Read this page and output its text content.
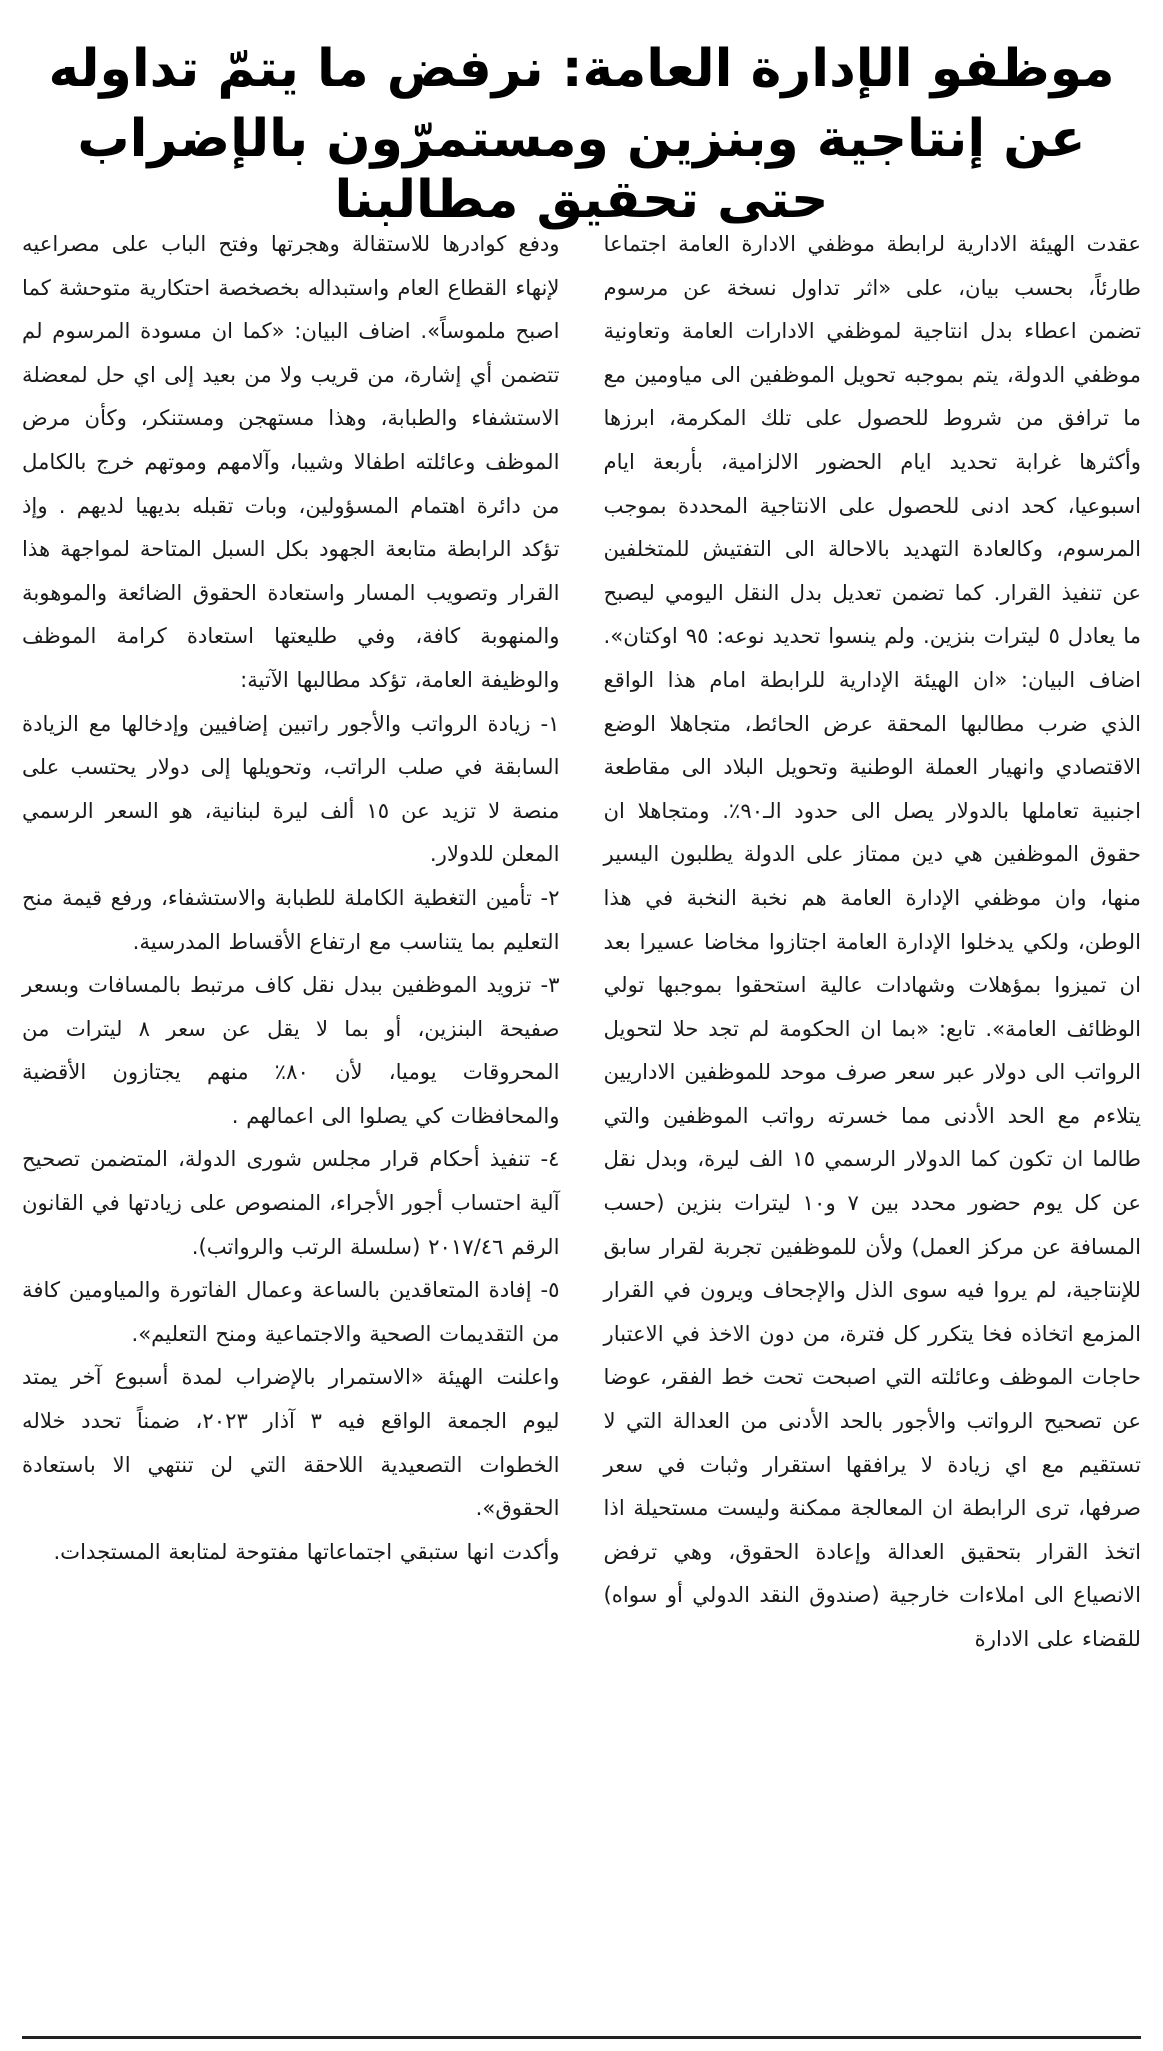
موظفو الإدارة العامة: نرفض ما يتمّ تداوله
عن إنتاجية وبنزين ومستمرّون بالإضراب حتى تحقيق مطالبنا

عقدت الهيئة الادارية لرابطة موظفي الادارة العامة اجتماعا طارئاً، بحسب بيان، على «اثر تداول نسخة عن مرسوم تضمن اعطاء بدل انتاجية لموظفي الادارات العامة وتعاونية موظفي الدولة، يتم بموجبه تحويل الموظفين الى مياومين مع ما ترافق من شروط للحصول على تلك المكرمة، ابرزها وأكثرها غرابة تحديد ايام الحضور الالزامية، بأربعة ايام اسبوعيا، كحد ادنى للحصول على الانتاجية المحددة بموجب المرسوم، وكالعادة التهديد بالاحالة الى التفتيش للمتخلفين عن تنفيذ القرار. كما تضمن تعديل بدل النقل اليومي ليصبح ما يعادل ٥ ليترات بنزين. ولم ينسوا تحديد نوعه: ٩٥ اوكتان». اضاف البيان: «ان الهيئة الإدارية للرابطة امام هذا الواقع الذي ضرب مطالبها المحقة عرض الحائط، متجاهلا الوضع الاقتصادي وانهيار العملة الوطنية وتحويل البلاد الى مقاطعة اجنبية تعاملها بالدولار يصل الى حدود الـ٩٠٪. ومتجاهلا ان حقوق الموظفين هي دين ممتاز على الدولة يطلبون اليسير منها، وان موظفي الإدارة العامة هم نخبة النخبة في هذا الوطن، ولكي يدخلوا الإدارة العامة اجتازوا مخاضا عسيرا بعد ان تميزوا بمؤهلات وشهادات عالية استحقوا بموجبها تولي الوظائف العامة». تابع: «بما ان الحكومة لم تجد حلا لتحويل الرواتب الى دولار عبر سعر صرف موحد للموظفين الاداريين يتلاءم مع الحد الأدنى مما خسرته رواتب الموظفين والتي طالما ان تكون كما الدولار الرسمي ١٥ الف ليرة، وبدل نقل عن كل يوم حضور محدد بين ٧ و١٠ ليترات بنزين (حسب المسافة عن مركز العمل) ولأن للموظفين تجربة لقرار سابق للإنتاجية، لم يروا فيه سوى الذل والإجحاف ويرون في القرار المزمع اتخاذه فخا يتكرر كل فترة، من دون الاخذ في الاعتبار حاجات الموظف وعائلته التي اصبحت تحت خط الفقر، عوضا عن تصحيح الرواتب والأجور بالحد الأدنى من العدالة التي لا تستقيم مع اي زيادة لا يرافقها استقرار وثبات في سعر صرفها، ترى الرابطة ان المعالجة ممكنة وليست مستحيلة اذا اتخذ القرار بتحقيق العدالة وإعادة الحقوق، وهي ترفض الانصياع الى املاءات خارجية (صندوق النقد الدولي أو سواه) للقضاء على الادارة

ودفع كوادرها للاستقالة وهجرتها وفتح الباب على مصراعيه لإنهاء القطاع العام واستبداله بخصخصة احتكارية متوحشة كما اصبح ملموساً». اضاف البيان: «كما ان مسودة المرسوم لم تتضمن أي إشارة، من قريب ولا من بعيد إلى اي حل لمعضلة الاستشفاء والطبابة، وهذا مستهجن ومستنكر، وكأن مرض الموظف وعائلته اطفالا وشيبا، وآلامهم وموتهم خرج بالكامل من دائرة اهتمام المسؤولين، وبات تقبله بديهيا لديهم . وإذ تؤكد الرابطة متابعة الجهود بكل السبل المتاحة لمواجهة هذا القرار وتصويب المسار واستعادة الحقوق الضائعة والموهوبة والمنهوبة كافة، وفي طليعتها استعادة كرامة الموظف والوظيفة العامة، تؤكد مطالبها الآتية:

١- زيادة الرواتب والأجور راتبين إضافيين وإدخالها مع الزيادة السابقة في صلب الراتب، وتحويلها إلى دولار يحتسب على منصة لا تزيد عن ١٥ ألف ليرة لبنانية، هو السعر الرسمي المعلن للدولار.

٢- تأمين التغطية الكاملة للطبابة والاستشفاء، ورفع قيمة منح التعليم بما يتناسب مع ارتفاع الأقساط المدرسية.

٣- تزويد الموظفين ببدل نقل كاف مرتبط بالمسافات وبسعر صفيحة البنزين، أو بما لا يقل عن سعر ٨ ليترات من المحروقات يوميا، لأن ٨٠٪ منهم يجتازون الأقضية والمحافظات كي يصلوا الى اعمالهم .

٤- تنفيذ أحكام قرار مجلس شورى الدولة، المتضمن تصحيح آلية احتساب أجور الأجراء، المنصوص على زيادتها في القانون الرقم ٢٠١٧/٤٦ (سلسلة الرتب والرواتب).

٥- إفادة المتعاقدين بالساعة وعمال الفاتورة والمياومين كافة من التقديمات الصحية والاجتماعية ومنح التعليم».

واعلنت الهيئة «الاستمرار بالإضراب لمدة أسبوع آخر يمتد ليوم الجمعة الواقع فيه ٣ آذار ٢٠٢٣، ضمناً تحدد خلاله الخطوات التصعيدية اللاحقة التي لن تنتهي الا باستعادة الحقوق».

وأكدت انها ستبقي اجتماعاتها مفتوحة لمتابعة المستجدات.
